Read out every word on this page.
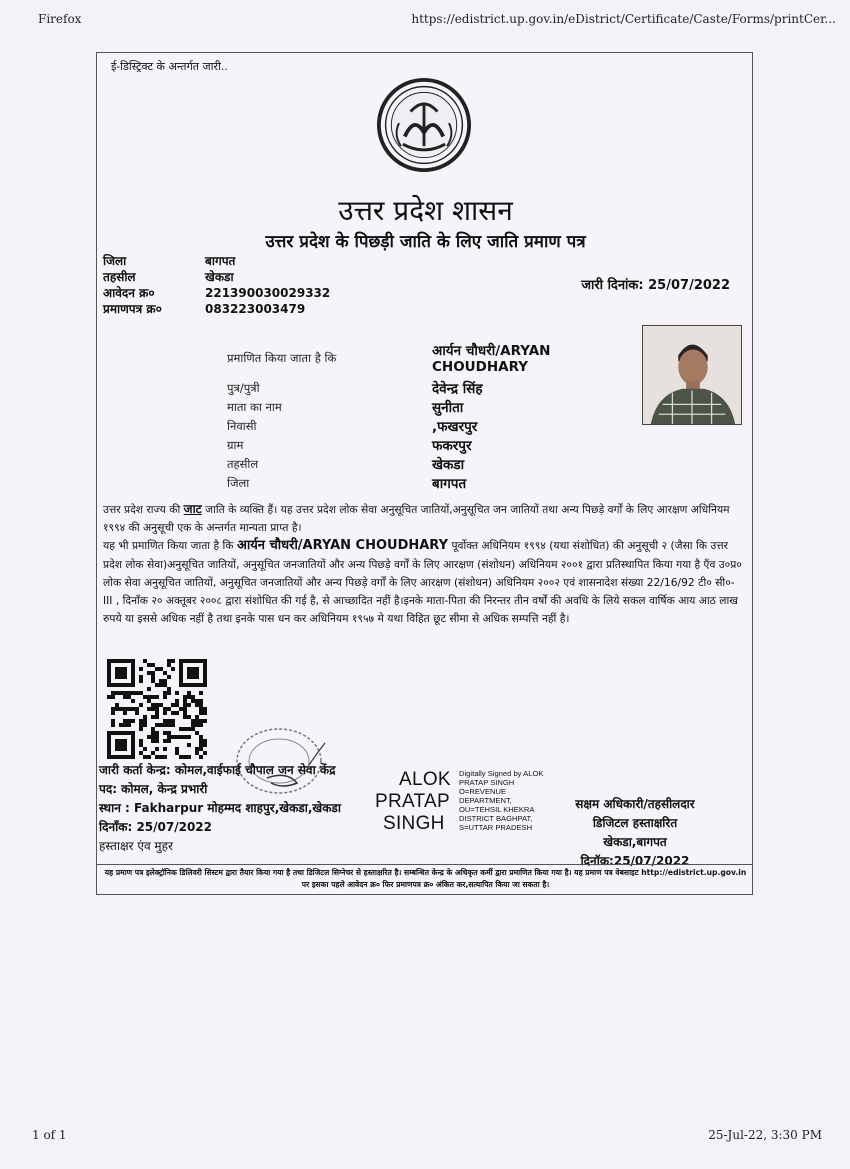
Firefox	https://edistrict.up.gov.in/eDistrict/Certificate/Caste/Forms/printCer...
ई-डिस्ट्रिक्ट के अन्तर्गत जारी..
उत्तर प्रदेश शासन
उत्तर प्रदेश के पिछड़ी जाति के लिए जाति प्रमाण पत्र
जिला	बागपत
तहसील	खेकडा
आवेदन क्र०	221390030029332
प्रमाणपत्र क्र०	083223003479
जारी दिनांक: 25/07/2022
प्रमाणित किया जाता है कि	आर्यन चौधरी/ARYAN CHOUDHARY
पुत्र/पुत्री	देवेन्द्र सिंह
माता का नाम	सुनीता
निवासी	,फखरपुर
ग्राम	फकरपुर
तहसील	खेकडा
जिला	बागपत
उत्तर प्रदेश राज्य की जाट जाति के व्यक्ति हैं। यह उत्तर प्रदेश लोक सेवा अनुसूचित जातियों,अनुसूचित जन जातियों तथा अन्य पिछड़े वर्गों के लिए आरक्षण अधिनियम १९९४ की अनुसूची एक के अन्तर्गत मान्यता प्राप्त है।
यह भी प्रमाणित किया जाता है कि आर्यन चौधरी/ARYAN CHOUDHARY पूर्वोक्त अधिनियम १९९४ (यथा संशोधित) की अनुसूची २ (जैसा कि उत्तर प्रदेश लोक सेवा)अनुसूचित जातियों, अनुसूचित जनजातियों और अन्य पिछड़े वर्गों के लिए आरक्षण (संशोधन) अधिनियम २००१ द्वारा प्रतिस्थापित किया गया है एँव उ०प्र० लोक सेवा अनुसूचित जातियों, अनुसूचित जनजातियों और अन्य पिछड़े वर्गों के लिए आरक्षण (संशोधन) अधिनियम २००२ एवं शासनादेश संख्या 22/16/92 टी० सी०-III , दिनाँक २० अक्तूबर २००८ द्वारा संशोधित की गई है, से आच्छादित नहीं है।इनके माता-पिता की निरन्तर तीन वर्षों की अवधि के लिये सकल वार्षिक आय आठ लाख रुपये या इससे अधिक नहीं है तथा इनके पास धन कर अधिनियम १९५७ मे यथा विहित छूट सीमा से अधिक सम्पत्ति नहीं है।
जारी कर्ता केन्द्र: कोमल,वाईफाई चौपाल जन सेवा केंद्र
पद: कोमल, केन्द्र प्रभारी
स्थान : Fakharpur मोहम्मद शाहपुर,खेकडा,खेकडा
दिनाँक: 25/07/2022
हस्ताक्षर एंव मुहर
ALOK
PRATAP
SINGH
Digitally Signed by ALOK PRATAP SINGH O=REVENUE DEPARTMENT, OU=TEHSIL KHEKRA DISTRICT BAGHPAT, S=UTTAR PRADESH
सक्षम अधिकारी/तहसीलदार
डिजिटल हस्ताक्षरित
खेकडा,बागपत
दिनॉक:25/07/2022
यह प्रमाण पत्र इलेक्ट्रॉनिक डिलिवरी सिस्टम द्वारा तैयार किया गया है तथा डिजिटल सिग्नेचर से हस्ताक्षरित है। सम्बन्धित केन्द्र के अधिकृत कर्मी द्वारा प्रमाणित किया गया है। यह प्रमाण पत्र वेबसाइट http://edistrict.up.gov.in पर इसका पहले आवेदन क्र० फिर प्रमाणपत्र क्र० अंकित कर,सत्यापित किया जा सकता है।
1 of 1	25-Jul-22, 3:30 PM
